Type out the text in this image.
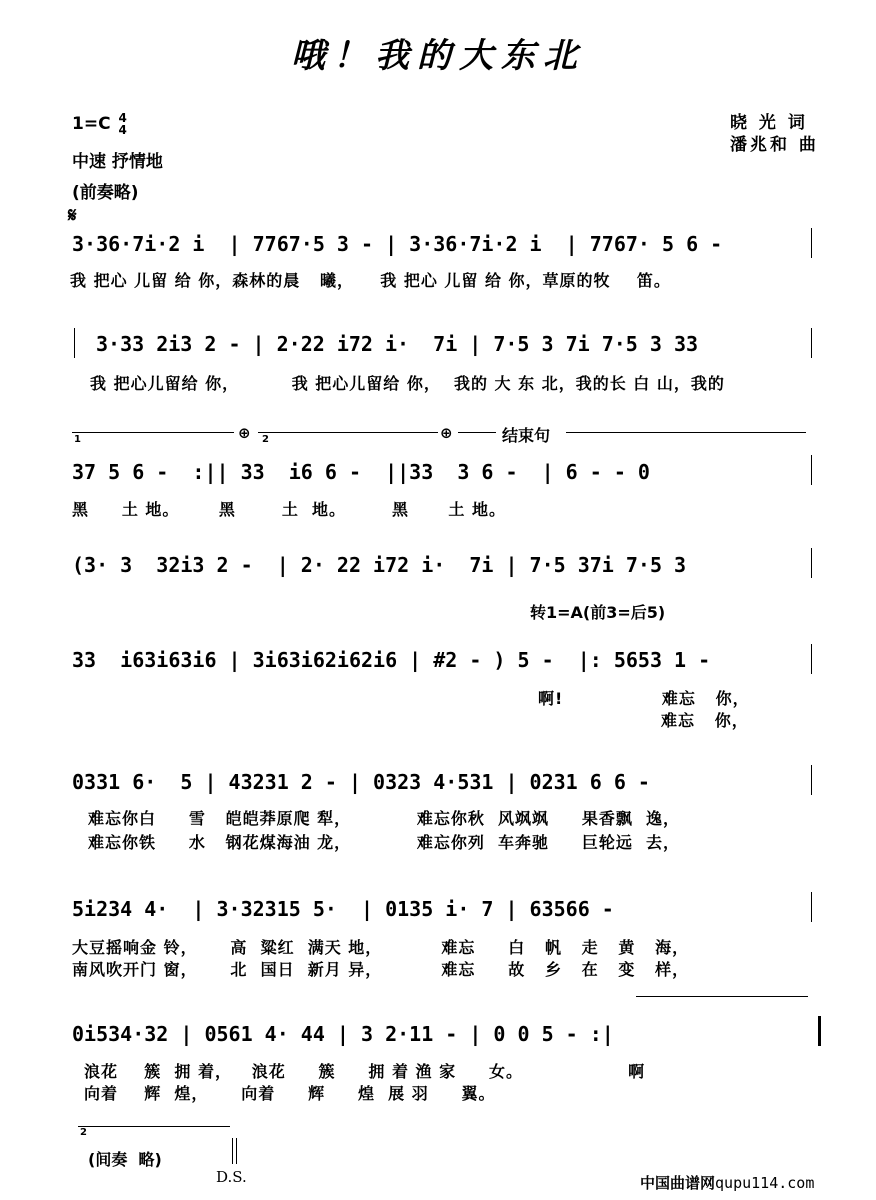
哦！我的大东北
1=C 4
4
中速 抒情地
(前奏略)
晓 光 词
潘兆和 曲
𝄋
3·36·7i·2 i  | 7767·5 3 - | 3·36·7i·2 i  | 7767· 5 6 -
我 把心 儿留 给 你，森林的晨   曦，    我 把心 儿留 给 你，草原的牧    笛。
3·33 2i3 2 - | 2·22 i72 i·  7i | 7·5 3 7i 7·5 3 33
我 把心儿留给 你，        我 把心儿留给 你，  我的 大 东 北，我的长 白 山，我的
1	⊕ 2	⊕	结束句
37 5 6 -  :|| 33  i6 6 -  ||33  3 6 -  | 6 - - 0
黑     土 地。      黑       土  地。       黑      土 地。
(3· 3  32i3 2 -  | 2· 22 i72 i·  7i | 7·5 37i 7·5 3
转1=A(前3=后5)
33  i63i63i6 | 3i63i62i62i6 | #2 - ) 5 -  |: 5653 1 -
啊!               难忘   你，
难忘   你，
0331 6·  5 | 43231 2 - | 0323 4·531 | 0231 6 6 -
难忘你白     雪   皑皑莽原爬 犁，          难忘你秋  风飒飒     果香飘  逸，
难忘你铁     水   钢花煤海油 龙，          难忘你列  车奔驰     巨轮远  去，
5i234 4·  | 3·32315 5·  | 0135 i· 7 | 63566 -
大豆摇响金 铃，     高  粱红  满天 地，         难忘     白   帆   走   黄   海，
南风吹开门 窗，     北  国日  新月 异，         难忘     故   乡   在   变   样，
0i534·32 | 0561 4· 44 | 3 2·11 - | 0 0 5 - :|
浪花    簇  拥 着，   浪花     簇     拥 着 渔 家     女。                啊
向着    辉  煌，     向着     辉     煌  展 羽     翼。
2
(间奏  略)
D.S.	中国曲谱网qupu114.com
